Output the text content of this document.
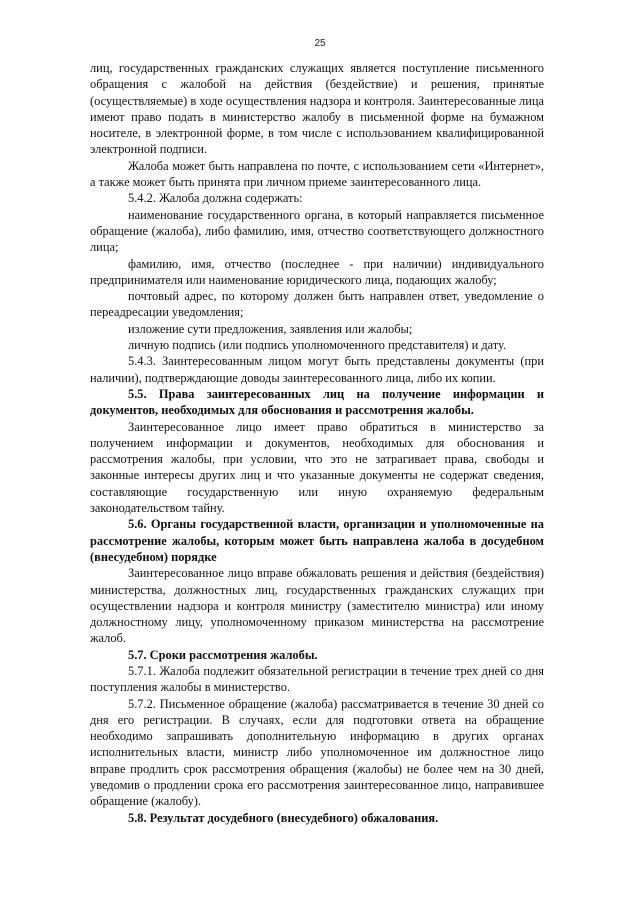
25

лиц, государственных гражданских служащих является поступление письменного обращения с жалобой на действия (бездействие) и решения, принятые (осуществляемые) в ходе осуществления надзора и контроля. Заинтересованные лица имеют право подать в министерство жалобу в письменной форме на бумажном носителе, в электронной форме, в том числе с использованием квалифицированной электронной подписи.

Жалоба может быть направлена по почте, с использованием сети «Интернет», а также может быть принята при личном приеме заинтересованного лица.

5.4.2. Жалоба должна содержать:

наименование государственного органа, в который направляется письменное обращение (жалоба), либо фамилию, имя, отчество соответствующего должностного лица;

фамилию, имя, отчество (последнее - при наличии) индивидуального предпринимателя или наименование юридического лица, подающих жалобу;

почтовый адрес, по которому должен быть направлен ответ, уведомление о переадресации уведомления;

изложение сути предложения, заявления или жалобы;

личную подпись (или подпись уполномоченного представителя) и дату.

5.4.3. Заинтересованным лицом могут быть представлены документы (при наличии), подтверждающие доводы заинтересованного лица, либо их копии.

5.5. Права заинтересованных лиц на получение информации и документов, необходимых для обоснования и рассмотрения жалобы.

Заинтересованное лицо имеет право обратиться в министерство за получением информации и документов, необходимых для обоснования и рассмотрения жалобы, при условии, что это не затрагивает права, свободы и законные интересы других лиц и что указанные документы не содержат сведения, составляющие государственную или иную охраняемую федеральным законодательством тайну.

5.6. Органы государственной власти, организации и уполномоченные на рассмотрение жалобы, которым может быть направлена жалоба в досудебном (внесудебном) порядке

Заинтересованное лицо вправе обжаловать решения и действия (бездействия) министерства, должностных лиц, государственных гражданских служащих при осуществлении надзора и контроля министру (заместителю министра) или иному должностному лицу, уполномоченному приказом министерства на рассмотрение жалоб.

5.7. Сроки рассмотрения жалобы.

5.7.1. Жалоба подлежит обязательной регистрации в течение трех дней со дня поступления жалобы в министерство.

5.7.2. Письменное обращение (жалоба) рассматривается в течение 30 дней со дня его регистрации. В случаях, если для подготовки ответа на обращение необходимо запрашивать дополнительную информацию в других органах исполнительных власти, министр либо уполномоченное им должностное лицо вправе продлить срок рассмотрения обращения (жалобы) не более чем на 30 дней, уведомив о продлении срока его рассмотрения заинтересованное лицо, направившее обращение (жалобу).

5.8. Результат досудебного (внесудебного) обжалования.
